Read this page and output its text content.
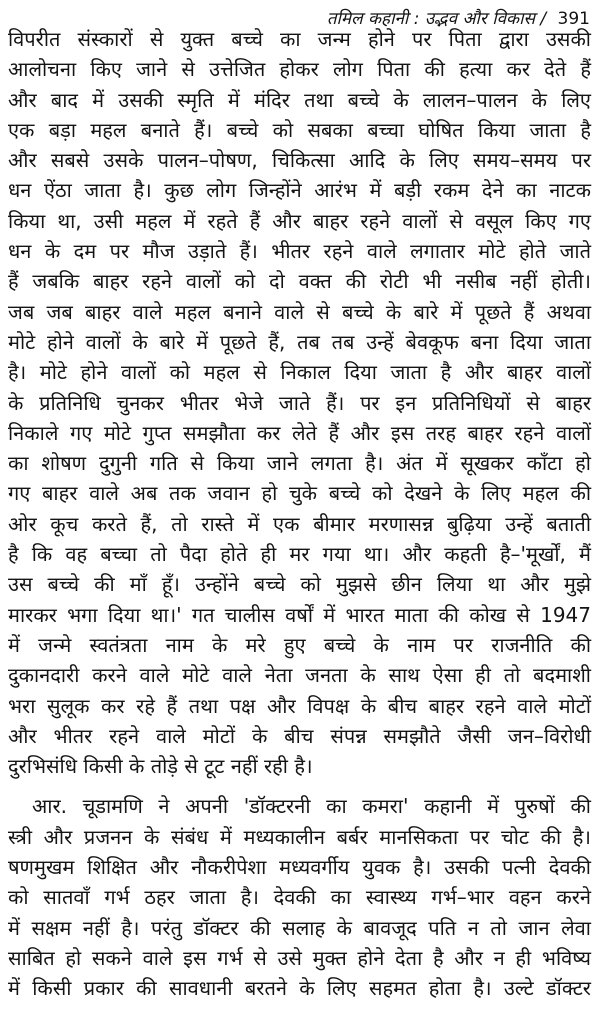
तमिल कहानी : उद्भव और विकास / 391
विपरीत संस्कारों से युक्त बच्चे का जन्म होने पर पिता द्वारा उसकी
आलोचना किए जाने से उत्तेजित होकर लोग पिता की हत्या कर देते हैं
और बाद में उसकी स्मृति में मंदिर तथा बच्चे के लालन–पालन के लिए
एक बड़ा महल बनाते हैं। बच्चे को सबका बच्चा घोषित किया जाता है
और सबसे उसके पालन–पोषण, चिकित्सा आदि के लिए समय–समय पर
धन ऐंठा जाता है। कुछ लोग जिन्होंने आरंभ में बड़ी रकम देने का नाटक
किया था, उसी महल में रहते हैं और बाहर रहने वालों से वसूल किए गए
धन के दम पर मौज उड़ाते हैं। भीतर रहने वाले लगातार मोटे होते जाते
हैं जबकि बाहर रहने वालों को दो वक्त की रोटी भी नसीब नहीं होती।
जब जब बाहर वाले महल बनाने वाले से बच्चे के बारे में पूछते हैं अथवा
मोटे होने वालों के बारे में पूछते हैं, तब तब उन्हें बेवकूफ बना दिया जाता
है। मोटे होने वालों को महल से निकाल दिया जाता है और बाहर वालों
के प्रतिनिधि चुनकर भीतर भेजे जाते हैं। पर इन प्रतिनिधियों से बाहर
निकाले गए मोटे गुप्त समझौता कर लेते हैं और इस तरह बाहर रहने वालों
का शोषण दुगुनी गति से किया जाने लगता है। अंत में सूखकर काँटा हो
गए बाहर वाले अब तक जवान हो चुके बच्चे को देखने के लिए महल की
ओर कूच करते हैं, तो रास्ते में एक बीमार मरणासन्न बुढ़िया उन्हें बताती
है कि वह बच्चा तो पैदा होते ही मर गया था। और कहती है–'मूर्खों, मैं
उस बच्चे की माँ हूँ। उन्होंने बच्चे को मुझसे छीन लिया था और मुझे
मारकर भगा दिया था।' गत चालीस वर्षों में भारत माता की कोख से 1947
में जन्मे स्वतंत्रता नाम के मरे हुए बच्चे के नाम पर राजनीति की
दुकानदारी करने वाले मोटे वाले नेता जनता के साथ ऐसा ही तो बदमाशी
भरा सुलूक कर रहे हैं तथा पक्ष और विपक्ष के बीच बाहर रहने वाले मोटों
और भीतर रहने वाले मोटों के बीच संपन्न समझौते जैसी जन–विरोधी
दुरभिसंधि किसी के तोड़े से टूट नहीं रही है।
आर. चूडामणि ने अपनी 'डॉक्टरनी का कमरा' कहानी में पुरुषों की
स्त्री और प्रजनन के संबंध में मध्यकालीन बर्बर मानसिकता पर चोट की है।
षणमुखम शिक्षित और नौकरीपेशा मध्यवर्गीय युवक है। उसकी पत्नी देवकी
को सातवाँ गर्भ ठहर जाता है। देवकी का स्वास्थ्य गर्भ–भार वहन करने
में सक्षम नहीं है। परंतु डॉक्टर की सलाह के बावजूद पति न तो जान लेवा
साबित हो सकने वाले इस गर्भ से उसे मुक्त होने देता है और न ही भविष्य
में किसी प्रकार की सावधानी बरतने के लिए सहमत होता है। उल्टे डॉक्टर
